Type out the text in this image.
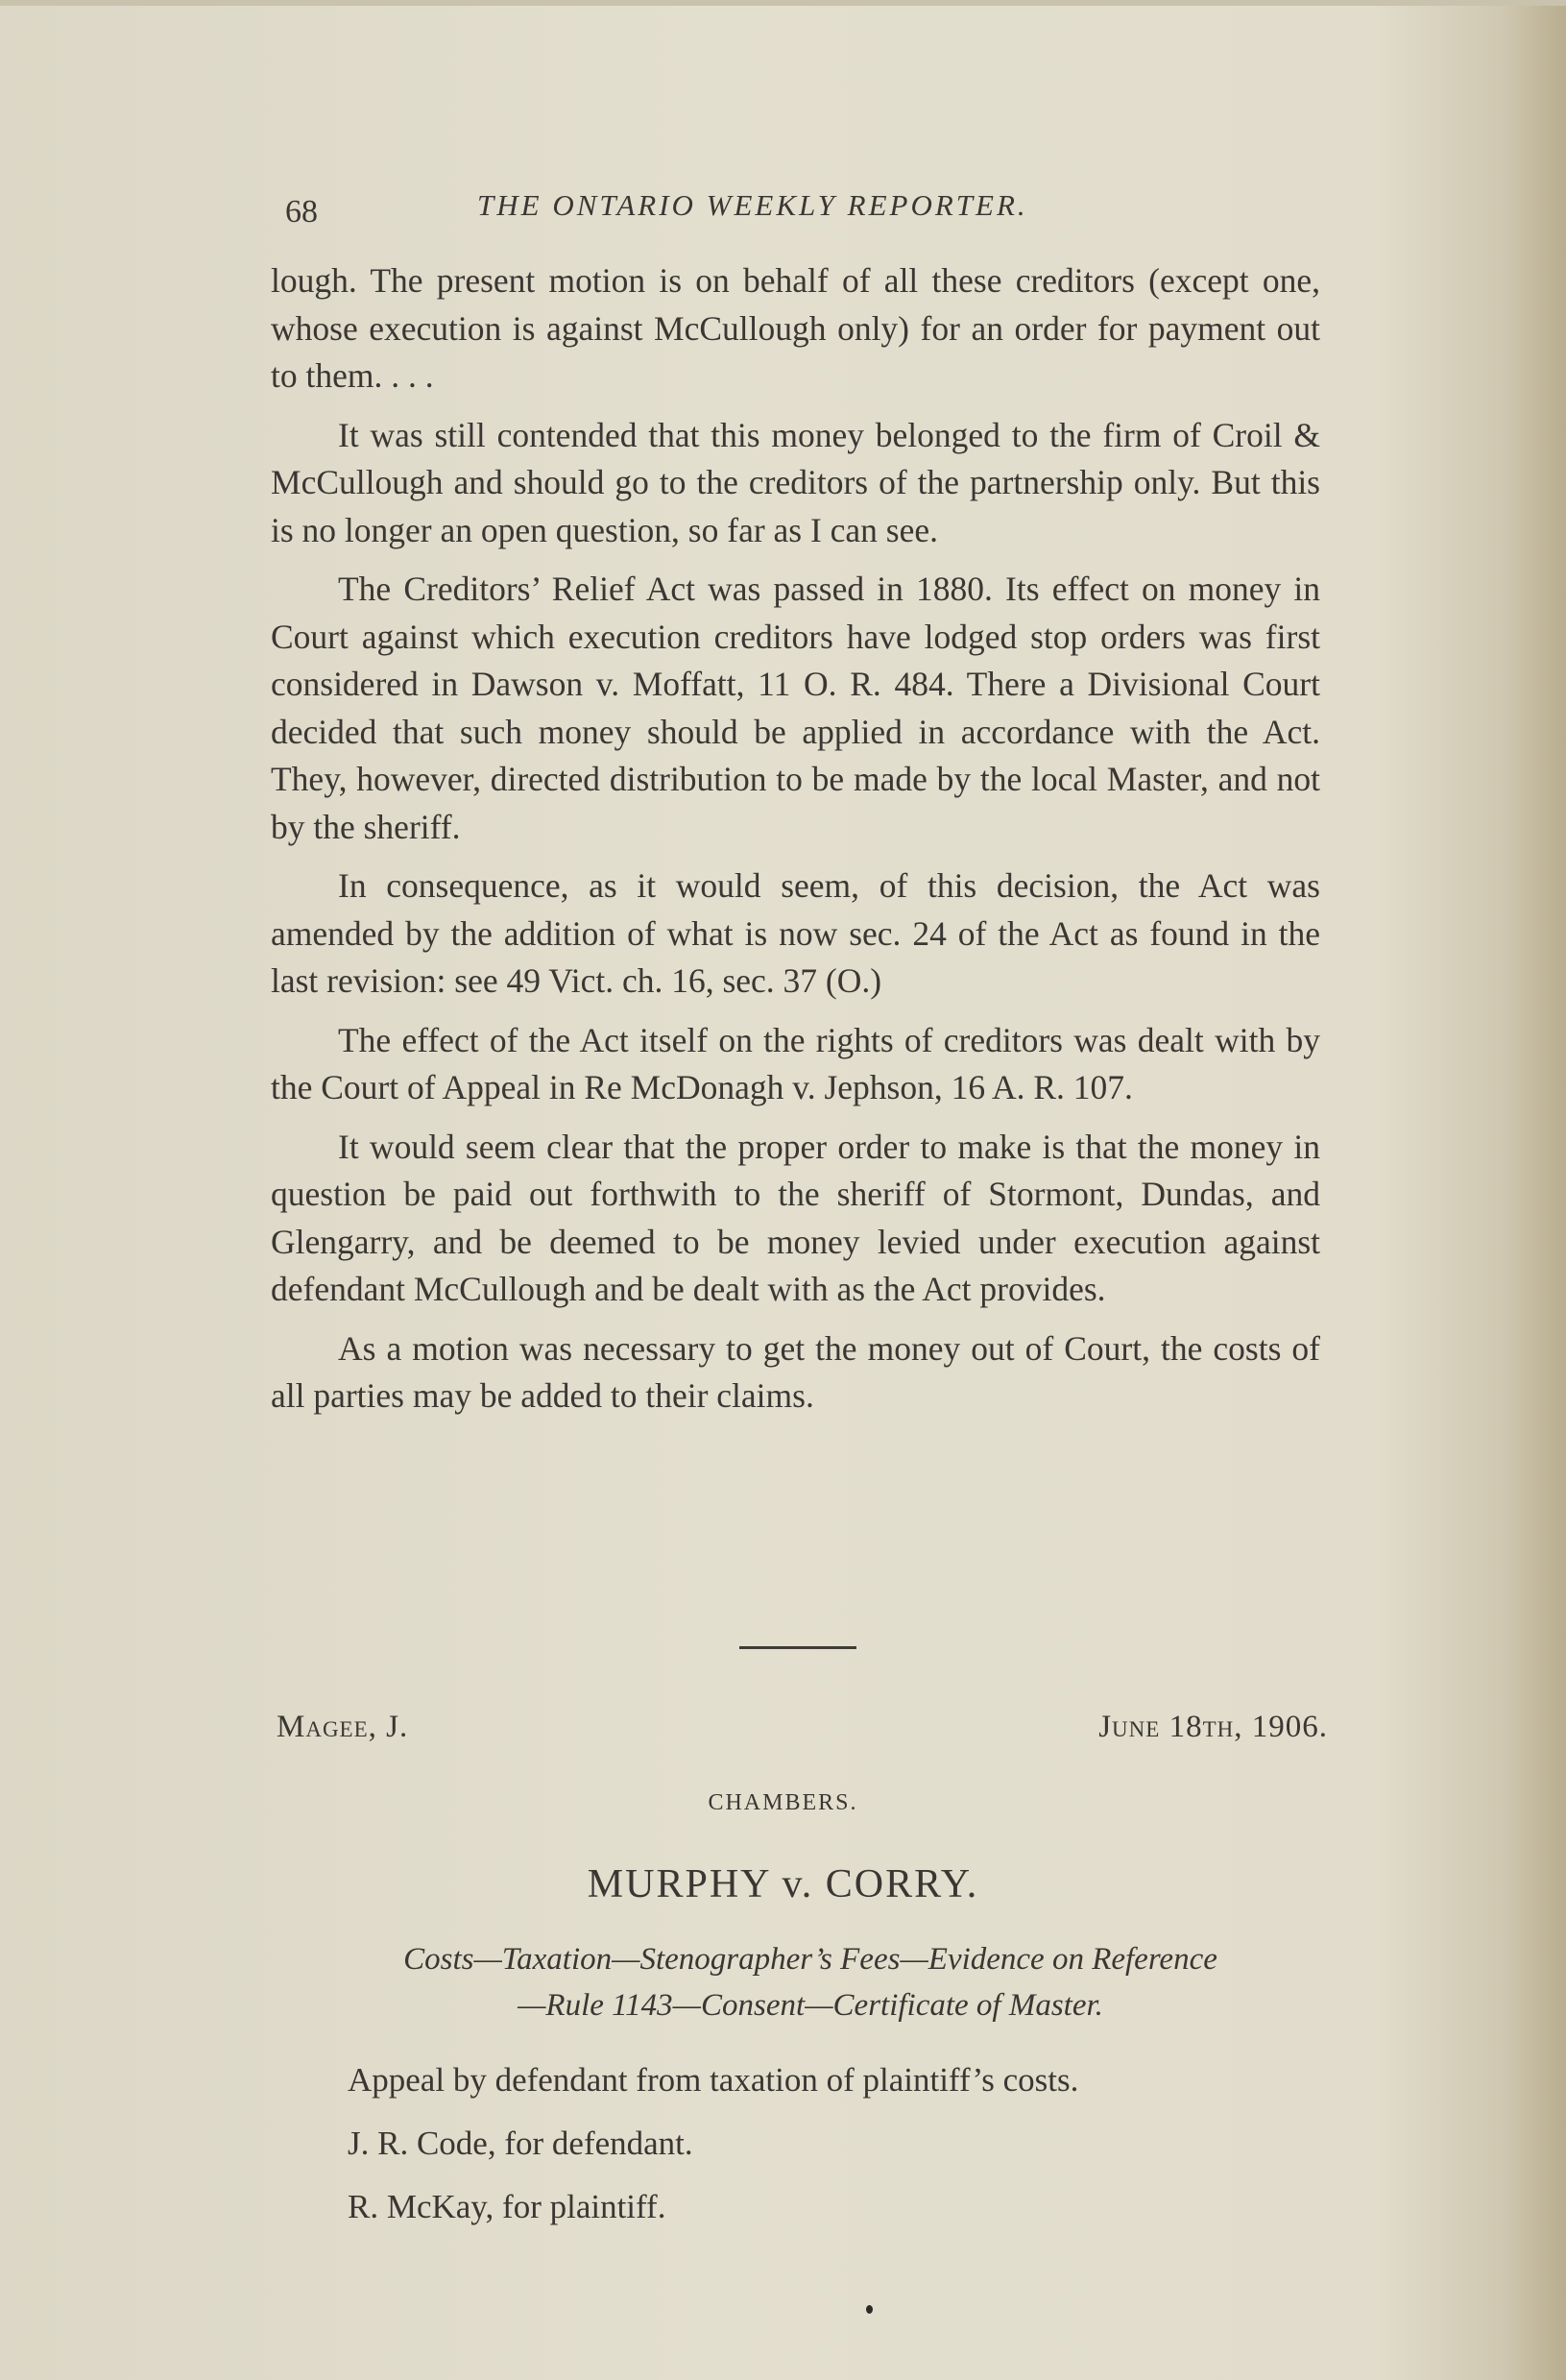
68	THE ONTARIO WEEKLY REPORTER.

lough. The present motion is on behalf of all these creditors (except one, whose execution is against McCullough only) for an order for payment out to them. . . .

It was still contended that this money belonged to the firm of Croil & McCullough and should go to the creditors of the partnership only. But this is no longer an open question, so far as I can see.

The Creditors’ Relief Act was passed in 1880. Its effect on money in Court against which execution creditors have lodged stop orders was first considered in Dawson v. Moffatt, 11 O. R. 484. There a Divisional Court decided that such money should be applied in accordance with the Act. They, however, directed distribution to be made by the local Master, and not by the sheriff.

In consequence, as it would seem, of this decision, the Act was amended by the addition of what is now sec. 24 of the Act as found in the last revision: see 49 Vict. ch. 16, sec. 37 (O.)

The effect of the Act itself on the rights of creditors was dealt with by the Court of Appeal in Re McDonagh v. Jephson, 16 A. R. 107.

It would seem clear that the proper order to make is that the money in question be paid out forthwith to the sheriff of Stormont, Dundas, and Glengarry, and be deemed to be money levied under execution against defendant McCullough and be dealt with as the Act provides.

As a motion was necessary to get the money out of Court, the costs of all parties may be added to their claims.

Magee, J.	June 18th, 1906.
CHAMBERS.
MURPHY v. CORRY.
Costs—Taxation—Stenographer’s Fees—Evidence on Reference
—Rule 1143—Consent—Certificate of Master.
Appeal by defendant from taxation of plaintiff’s costs.
J. R. Code, for defendant.
R. McKay, for plaintiff.
